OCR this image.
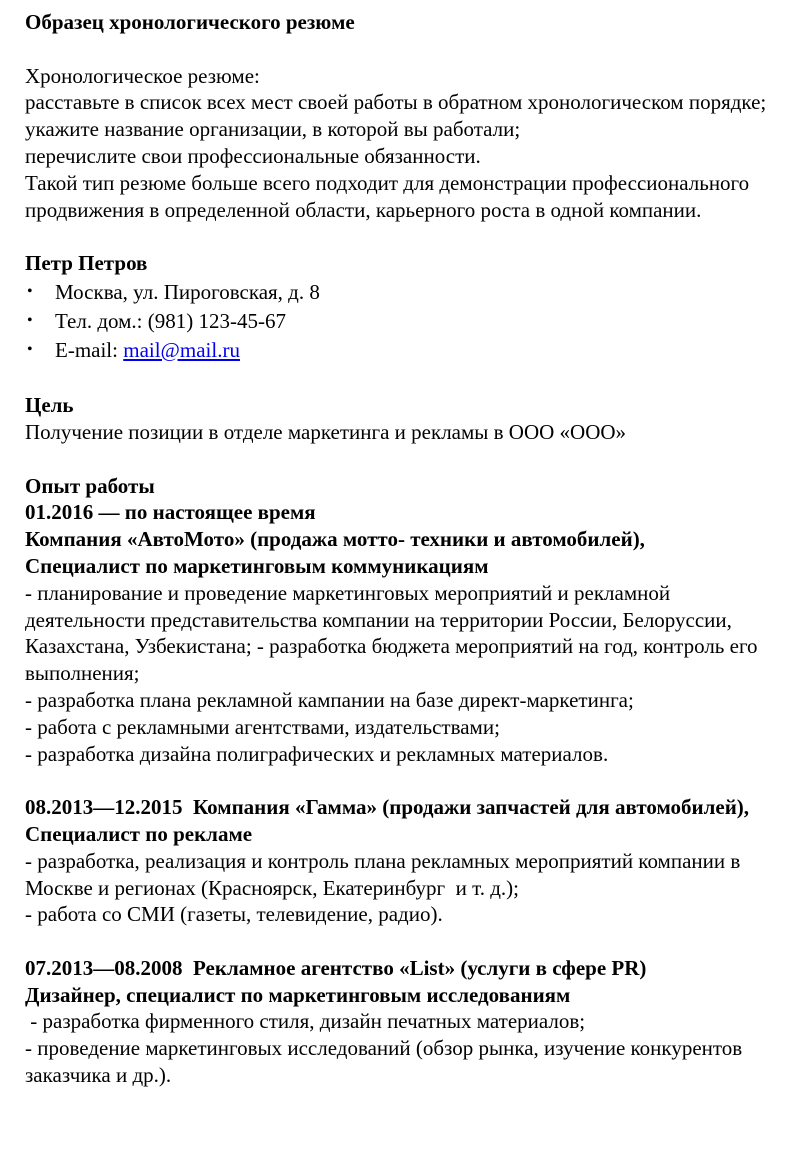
Образец хронологического резюме

Хронологическое резюме:

расставьте в список всех мест своей работы в обратном хронологическом порядке;

укажите название организации, в которой вы работали;

перечислите свои профессиональные обязанности.

Такой тип резюме больше всего подходит для демонстрации профессионального продвижения в определенной области, карьерного роста в одной компании.

Петр Петров

• Москва, ул. Пироговская, д. 8
• Тел. дом.: (981) 123-45-67
• E-mail: mail@mail.ru

Цель

Получение позиции в отделе маркетинга и рекламы в ООО «ООО»

Опыт работы

01.2016 — по настоящее время

Компания «АвтоМото» (продажа мотто- техники и автомобилей),

Специалист по маркетинговым коммуникациям

- планирование и проведение маркетинговых мероприятий и рекламной деятельности представительства компании на территории России, Белоруссии, Казахстана, Узбекистана; - разработка бюджета мероприятий на год, контроль его выполнения;

- разработка плана рекламной кампании на базе директ-маркетинга;

- работа с рекламными агентствами, издательствами;

- разработка дизайна полиграфических и рекламных материалов.

08.2013—12.2015  Компания «Гамма» (продажи запчастей для автомобилей), Специалист по рекламе

- разработка, реализация и контроль плана рекламных мероприятий компании в Москве и регионах (Красноярск, Екатеринбург  и т. д.);

- работа со СМИ (газеты, телевидение, радио).

07.2013—08.2008  Рекламное агентство «List» (услуги в сфере PR)

Дизайнер, специалист по маркетинговым исследованиям

- разработка фирменного стиля, дизайн печатных материалов;

- проведение маркетинговых исследований (обзор рынка, изучение конкурентов заказчика и др.).
